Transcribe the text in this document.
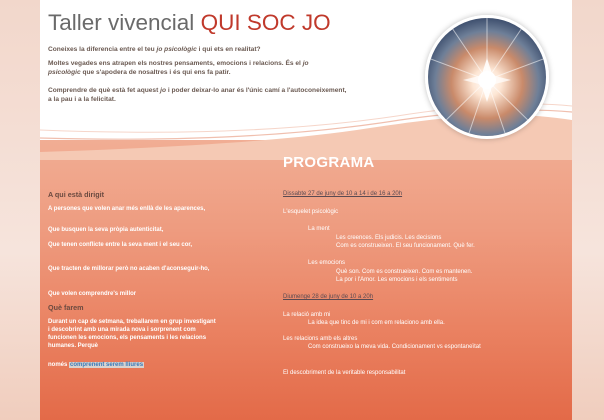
Taller vivencial QUI SOC JO
Coneixes la diferencia entre el teu jo psicològic i qui ets en realitat?
Moltes vegades ens atrapen els nostres pensaments, emocions i relacions. És el jo psicològic que s'apodera de nosaltres i és qui ens fa patir.
Comprendre de què està fet aquest jo i poder deixar-lo anar és l'únic camí a l'autoconeixement, a la pau i a la felicitat.
PROGRAMA
A qui està dirigit
A persones que volen anar més enllà de les aparences,
Que busquen la seva pròpia autenticitat,
Que tenen conflicte entre la seva ment i el seu cor,
Que tracten de millorar però no acaben d'aconseguir-ho,
Que volen comprendre's millor
Què farem
Durant un cap de setmana, treballarem en grup investigant i descobrint amb una mirada nova i sorprenent com funcionen les emocions, els pensaments i les relacions humanes. Perquè
només comprenent serem lliures
Dissabte 27 de juny de 10 a 14 i de 16 a 20h
L'esquelet psicològic
La ment
Les creences. Els judicis. Les decisions
Com es construeixen. El seu funcionament. Què fer.
Les emocions
Què son. Com es construeixen. Com es mantenen.
La por i l'Amor. Les emocions i els sentiments
Diumenge 28 de juny de 10 a 20h
La relació amb mi
La idea que tinc de mi i com em relaciono amb ella.
Les relacions amb els altres
Com construeixo la meva vida. Condicionament vs espontaneïtat
El descobriment de la veritable responsabilitat
